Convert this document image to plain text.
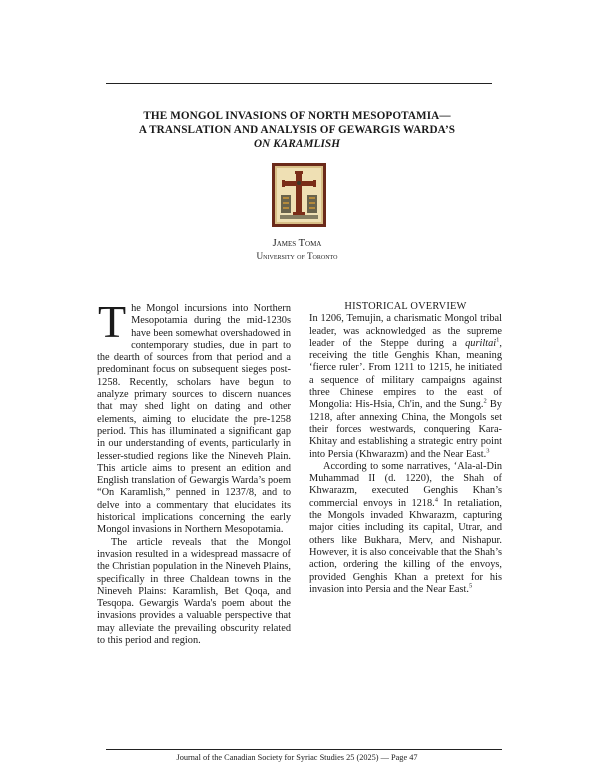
THE MONGOL INVASIONS OF NORTH MESOPOTAMIA—
A TRANSLATION AND ANALYSIS OF GEWARGIS WARDA’S
ON KARAMLISH
James Toma
University of Toronto

The Mongol incursions into Northern Mesopotamia during the mid-1230s have been somewhat overshadowed in contemporary studies, due in part to the dearth of sources from that period and a predominant focus on subsequent sieges post-1258. Recently, scholars have begun to analyze primary sources to discern nuances that may shed light on dating and other elements, aiming to elucidate the pre-1258 period. This has illuminated a significant gap in our understanding of events, particularly in lesser-studied regions like the Nineveh Plain. This article aims to present an edition and English translation of Gewargis Warda’s poem “On Karamlish,” penned in 1237/8, and to delve into a commentary that elucidates its historical implications concerning the early Mongol invasions in Northern Mesopotamia.

The article reveals that the Mongol invasion resulted in a widespread massacre of the Christian population in the Nineveh Plains, specifically in three Chaldean towns in the Nineveh Plains: Karamlish, Bet Qoqa, and Tesqopa. Gewargis Warda's poem about the invasions provides a valuable perspective that may alleviate the prevailing obscurity related to this period and region.

HISTORICAL OVERVIEW

In 1206, Temujin, a charismatic Mongol tribal leader, was acknowledged as the supreme leader of the Steppe during a quriltai$^1$, receiving the title Genghis Khan, meaning ‘fierce ruler’. From 1211 to 1215, he initiated a sequence of military campaigns against three Chinese empires to the east of Mongolia: His-Hsia, Ch'in, and the Sung.$^2$ By 1218, after annexing China, the Mongols set their forces westwards, conquering Kara-Khitay and establishing a strategic entry point into Persia (Khwarazm) and the Near East.$^3$

According to some narratives, ‘Ala-al-Din Muhammad II (d. 1220), the Shah of Khwarazm, executed Genghis Khan’s commercial envoys in 1218.$^4$ In retaliation, the Mongols invaded Khwarazm, capturing major cities including its capital, Utrar, and others like Bukhara, Merv, and Nishapur. However, it is also conceivable that the Shah’s action, ordering the killing of the envoys, provided Genghis Khan a pretext for his invasion into Persia and the Near East.$^5$

Journal of the Canadian Society for Syriac Studies 25 (2025) — Page 47
